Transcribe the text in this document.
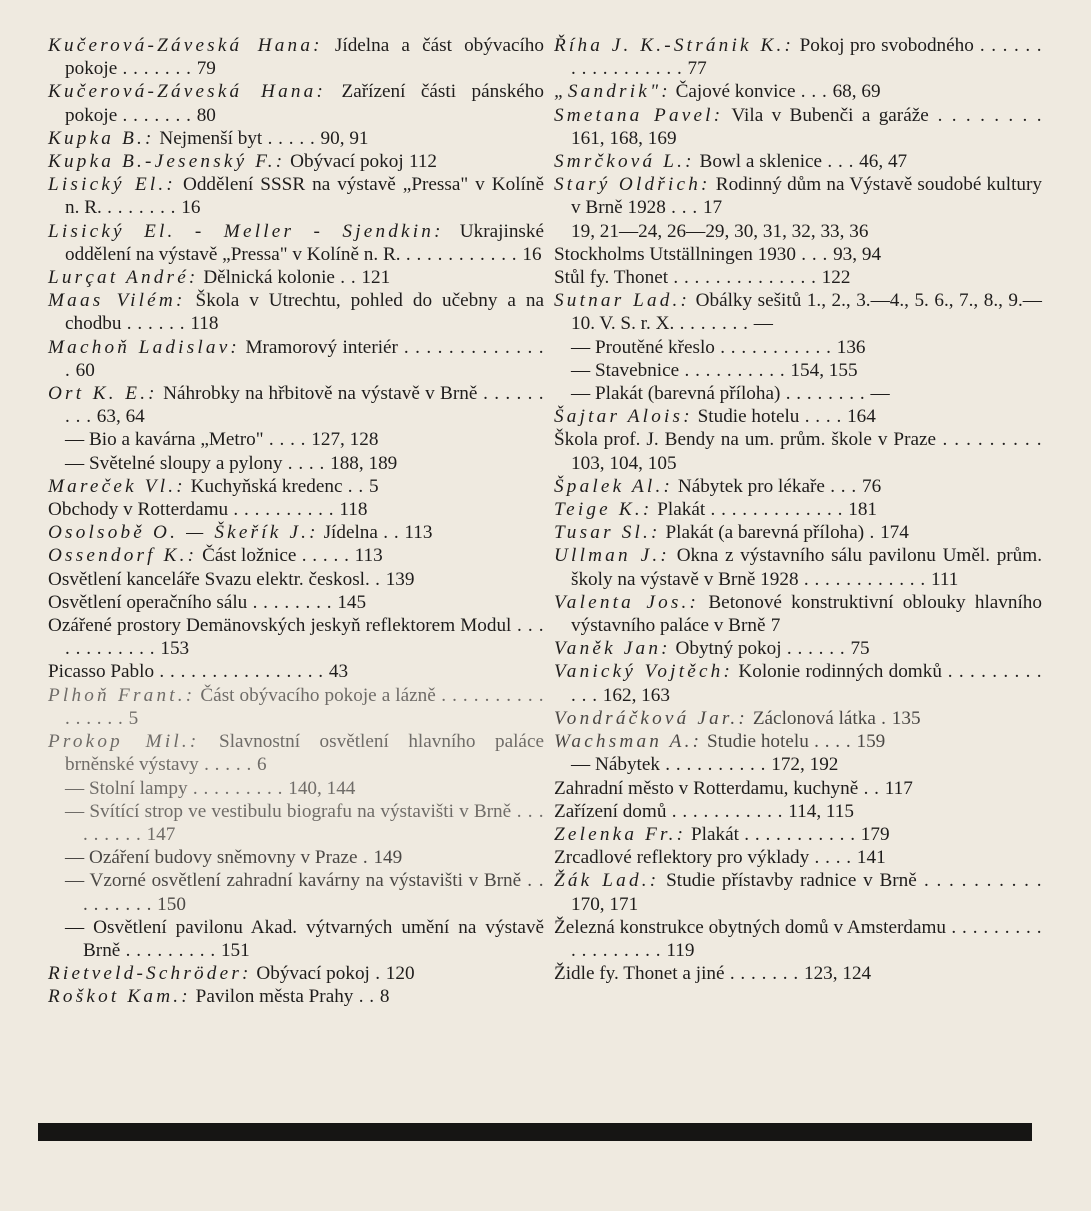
Kučerová-Záveská Hana: Jídelna a část obývacího pokoje . . . . . . . 79

Kučerová-Záveská Hana: Zařízení části pánského pokoje . . . . . . . 80

Kupka B.: Nejmenší byt . . . . . 90, 91

Kupka B.-Jesenský F.: Obývací pokoj 112

Lisický El.: Oddělení SSSR na výstavě „Pressa" v Kolíně n. R. . . . . . . . 16

Lisický El. - Meller - Sjendkin: Ukrajinské oddělení na výstavě „Pressa" v Kolíně n. R. . . . . . . . . . . . 16

Lurçat André: Dělnická kolonie . . 121

Maas Vilém: Škola v Utrechtu, pohled do učebny a na chodbu . . . . . . 118

Machoň Ladislav: Mramorový interiér . . . . . . . . . . . . . . 60

Ort K. E.: Náhrobky na hřbitově na výstavě v Brně . . . . . . . . . 63, 64

— Bio a kavárna „Metro" . . . . 127, 128

— Světelné sloupy a pylony . . . . 188, 189

Mareček Vl.: Kuchyňská kredenc . . 5

Obchody v Rotterdamu . . . . . . . . . . 118

Osolsobě O. — Škeřík J.: Jídelna . . 113

Ossendorf K.: Část ložnice . . . . . 113

Osvětlení kanceláře Svazu elektr. českosl. . 139

Osvětlení operačního sálu . . . . . . . . 145

Ozářené prostory Demänovských jeskyň reflektorem Modul . . . . . . . . . . . . 153

Picasso Pablo . . . . . . . . . . . . . . . . 43

Plhoň Frant.: Část obývacího pokoje a lázně . . . . . . . . . . . . . . . . 5

Prokop Mil.: Slavnostní osvětlení hlavního paláce brněnské výstavy . . . . . 6

— Stolní lampy . . . . . . . . . 140, 144

— Svítící strop ve vestibulu biografu na výstavišti v Brně . . . . . . . . . 147

— Ozáření budovy sněmovny v Praze . 149

— Vzorné osvětlení zahradní kavárny na výstavišti v Brně . . . . . . . . . 150

— Osvětlení pavilonu Akad. výtvarných umění na výstavě Brně . . . . . . . . . 151

Rietveld-Schröder: Obývací pokoj . 120

Roškot Kam.: Pavilon města Prahy . . 8

Říha J. K.-Stránik K.: Pokoj pro svobodného . . . . . . . . . . . . . . . . . 77

„Sandrik": Čajové konvice . . . 68, 69

Smetana Pavel: Vila v Bubenči a garáže . . . . . . . . 161, 168, 169

Smrčková L.: Bowl a sklenice . . . 46, 47

Starý Oldřich: Rodinný dům na Výstavě soudobé kultury v Brně 1928 . . . 17

19, 21—24, 26—29, 30, 31, 32, 33, 36

Stockholms Utställningen 1930 . . . 93, 94

Stůl fy. Thonet . . . . . . . . . . . . . . 122

Sutnar Lad.: Obálky sešitů 1., 2., 3.—4., 5. 6., 7., 8., 9.—10. V. S. r. X. . . . . . . . —

— Proutěné křeslo . . . . . . . . . . . 136

— Stavebnice . . . . . . . . . . 154, 155

— Plakát (barevná příloha) . . . . . . . . —

Šajtar Alois: Studie hotelu . . . . 164

Škola prof. J. Bendy na um. prům. škole v Praze . . . . . . . . . 103, 104, 105

Špalek Al.: Nábytek pro lékaře . . . 76

Teige K.: Plakát . . . . . . . . . . . . . 181

Tusar Sl.: Plakát (a barevná příloha) . 174

Ullman J.: Okna z výstavního sálu pavilonu Uměl. prům. školy na výstavě v Brně 1928 . . . . . . . . . . . . 111

Valenta Jos.: Betonové konstruktivní oblouky hlavního výstavního paláce v Brně 7

Vaněk Jan: Obytný pokoj . . . . . . 75

Vanický Vojtěch: Kolonie rodinných domků . . . . . . . . . . . . 162, 163

Vondráčková Jar.: Záclonová látka . 135

Wachsman A.: Studie hotelu . . . . 159

— Nábytek . . . . . . . . . . 172, 192

Zahradní město v Rotterdamu, kuchyně . . 117

Zařízení domů . . . . . . . . . . . 114, 115

Zelenka Fr.: Plakát . . . . . . . . . . . 179

Zrcadlové reflektory pro výklady . . . . 141

Žák Lad.: Studie přístavby radnice v Brně . . . . . . . . . . 170, 171

Železná konstrukce obytných domů v Amsterdamu . . . . . . . . . . . . . . . . . . 119

Židle fy. Thonet a jiné . . . . . . . 123, 124
